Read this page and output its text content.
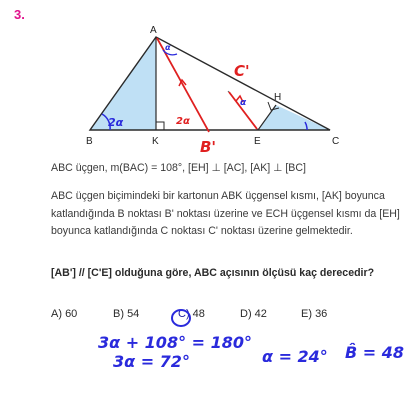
3.
A
B	C
K	E
H
2α	2α
B'
C'
α
α
ABC üçgen, m(BAC) = 108°, [EH] ⊥ [AC], [AK] ⊥ [BC]
ABC üçgen biçimindeki bir kartonun ABK üçgensel kısmı, [AK] boyunca katlandığında B noktası B' noktası üzerine ve ECH üçgensel kısmı da [EH] boyunca katlandığında C noktası C' noktası üzerine gelmektedir.
[AB'] // [C'E] olduğuna göre, ABC açısının ölçüsü kaç derecedir?
A) 60	B) 54	C) 48	D) 42	E) 36
3α + 108° = 180°
3α = 72°	α = 24° B̂ = 48
